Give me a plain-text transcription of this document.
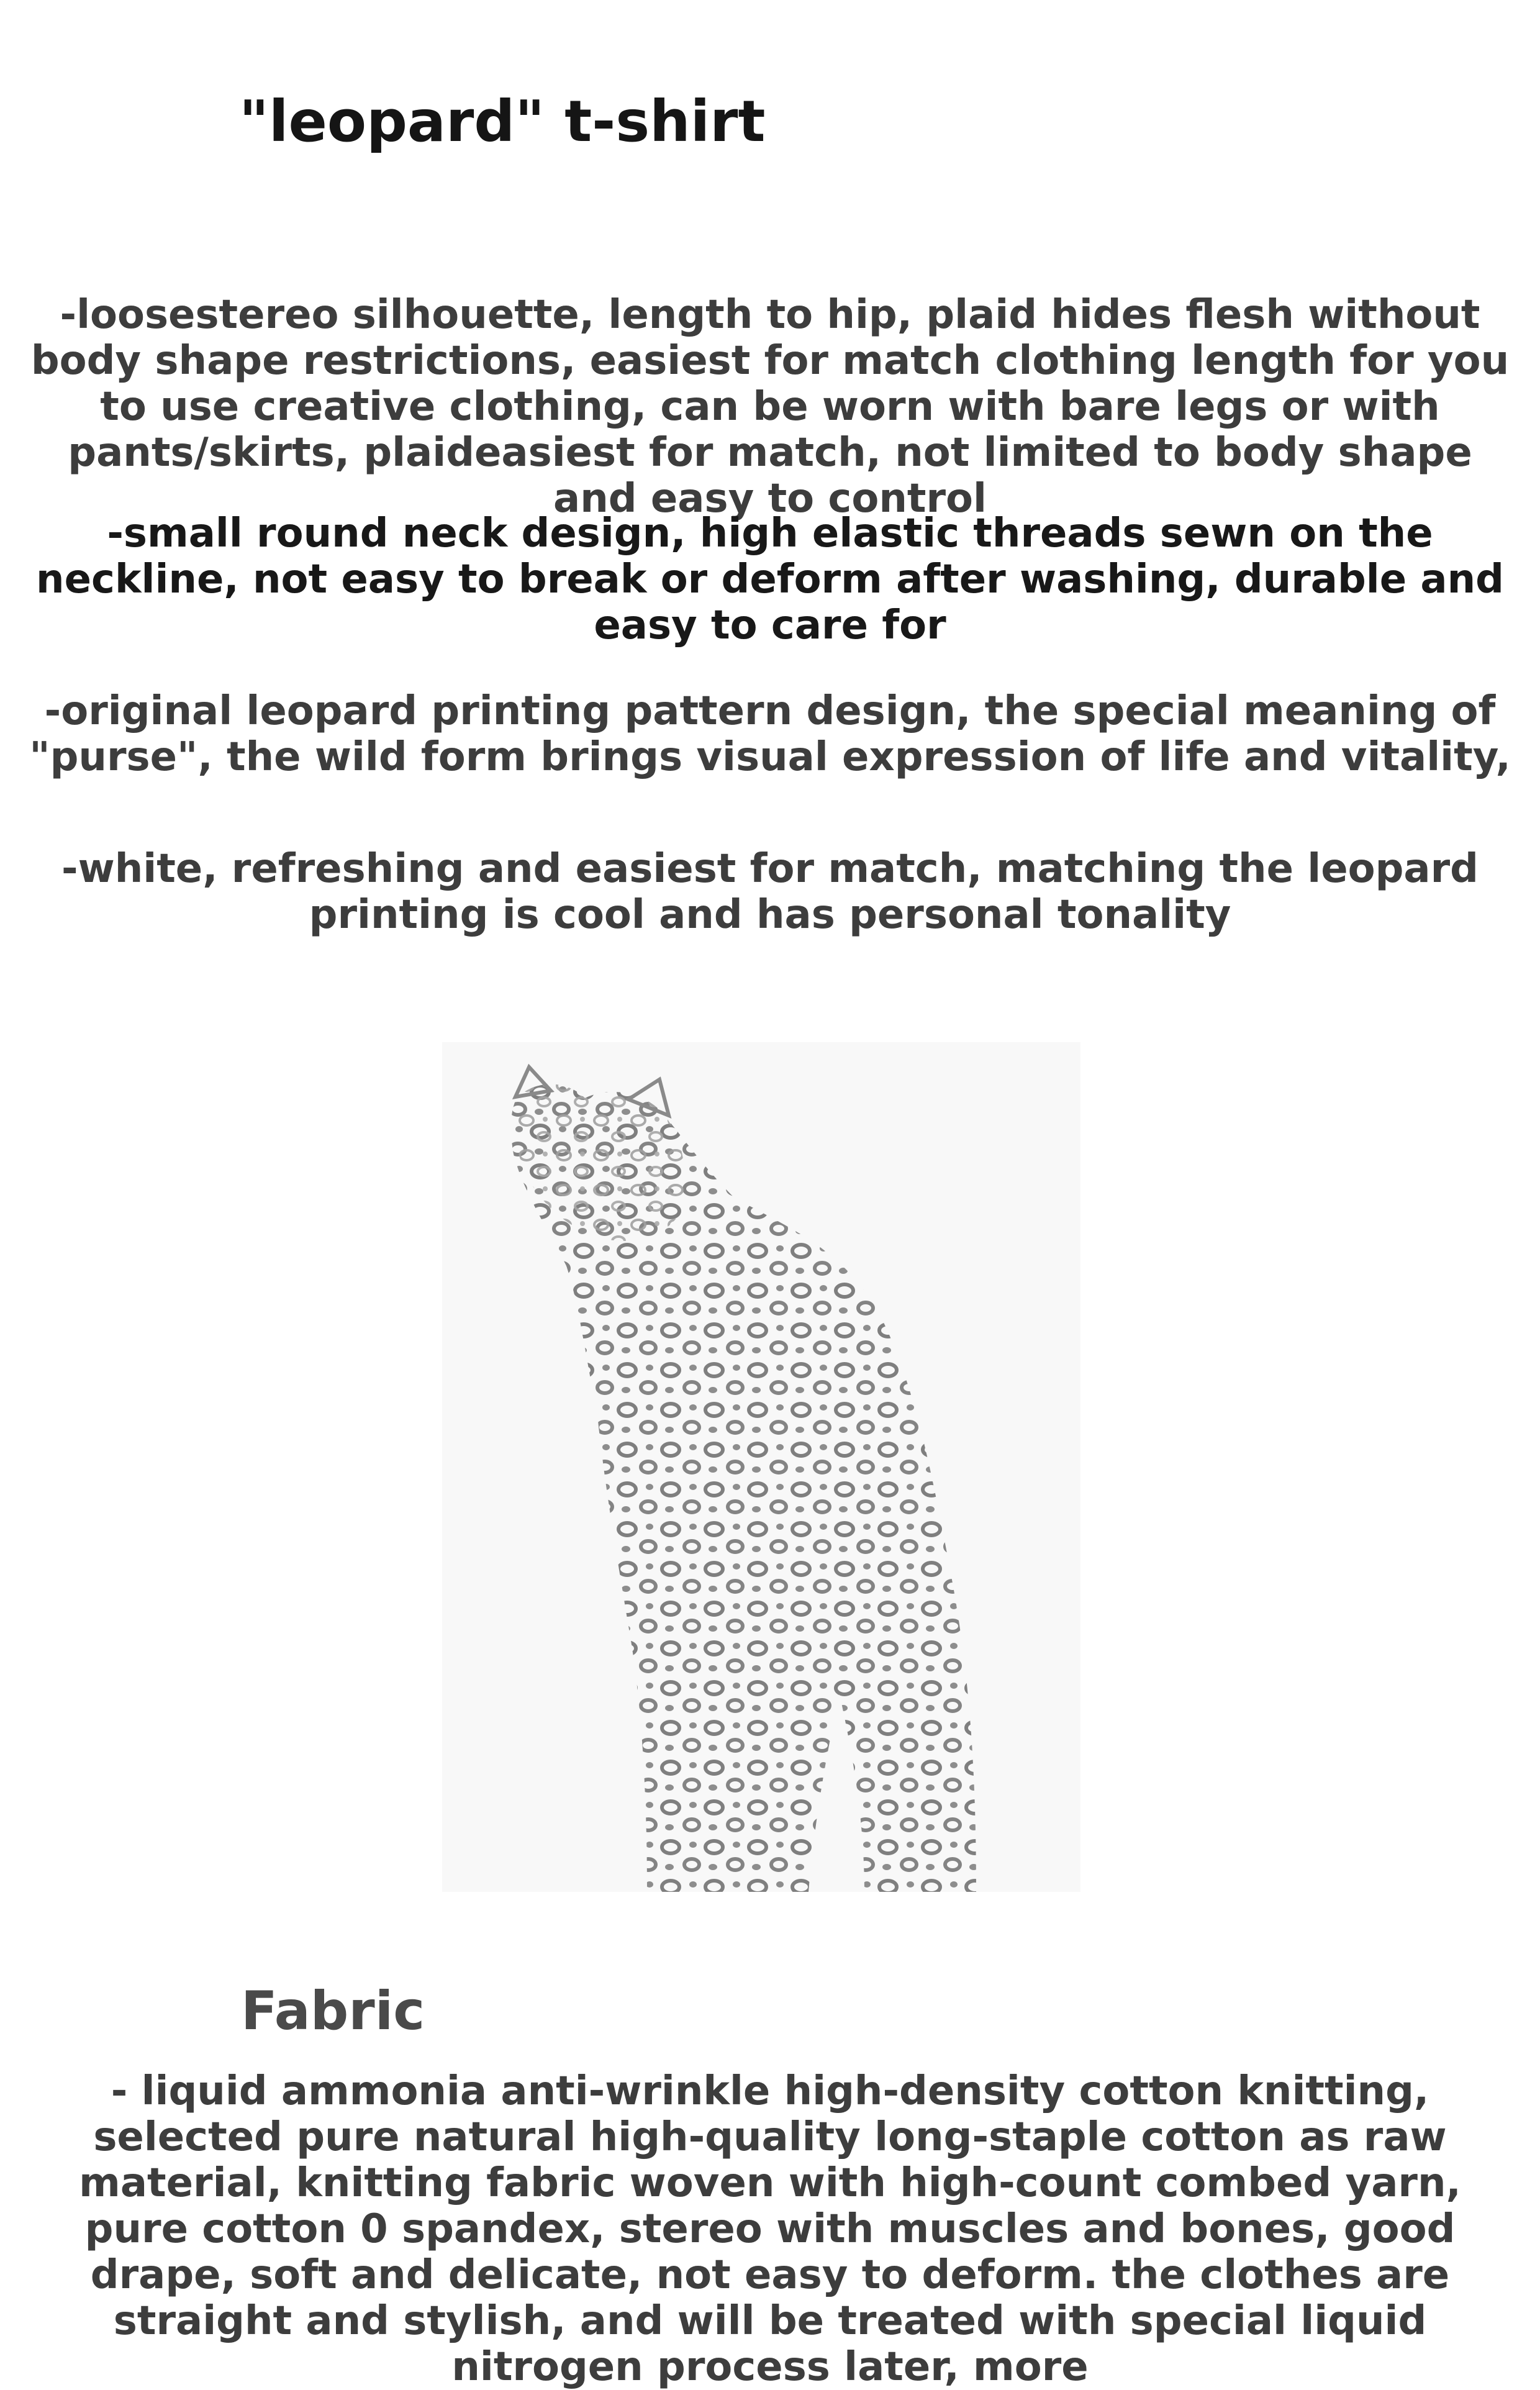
"leopard" t-shirt
-loosestereo silhouette, length to hip, plaid hides flesh without body shape restrictions, easiest for match clothing length for you to use creative clothing, can be worn with bare legs or with pants/skirts, plaideasiest for match, not limited to body shape and easy to control
-small round neck design, high elastic threads sewn on the neckline, not easy to break or deform after washing, durable and easy to care for
-original leopard printing pattern design, the special meaning of "purse", the wild form brings visual expression of life and vitality,
-white, refreshing and easiest for match, matching the leopard printing is cool and has personal tonality
Fabric
- liquid ammonia anti-wrinkle high-density cotton knitting, selected pure natural high-quality long-staple cotton as raw material, knitting fabric woven with high-count combed yarn, pure cotton 0 spandex, stereo with muscles and bones, good drape, soft and delicate, not easy to deform. the clothes are straight and stylish, and will be treated with special liquid nitrogen process later, more
